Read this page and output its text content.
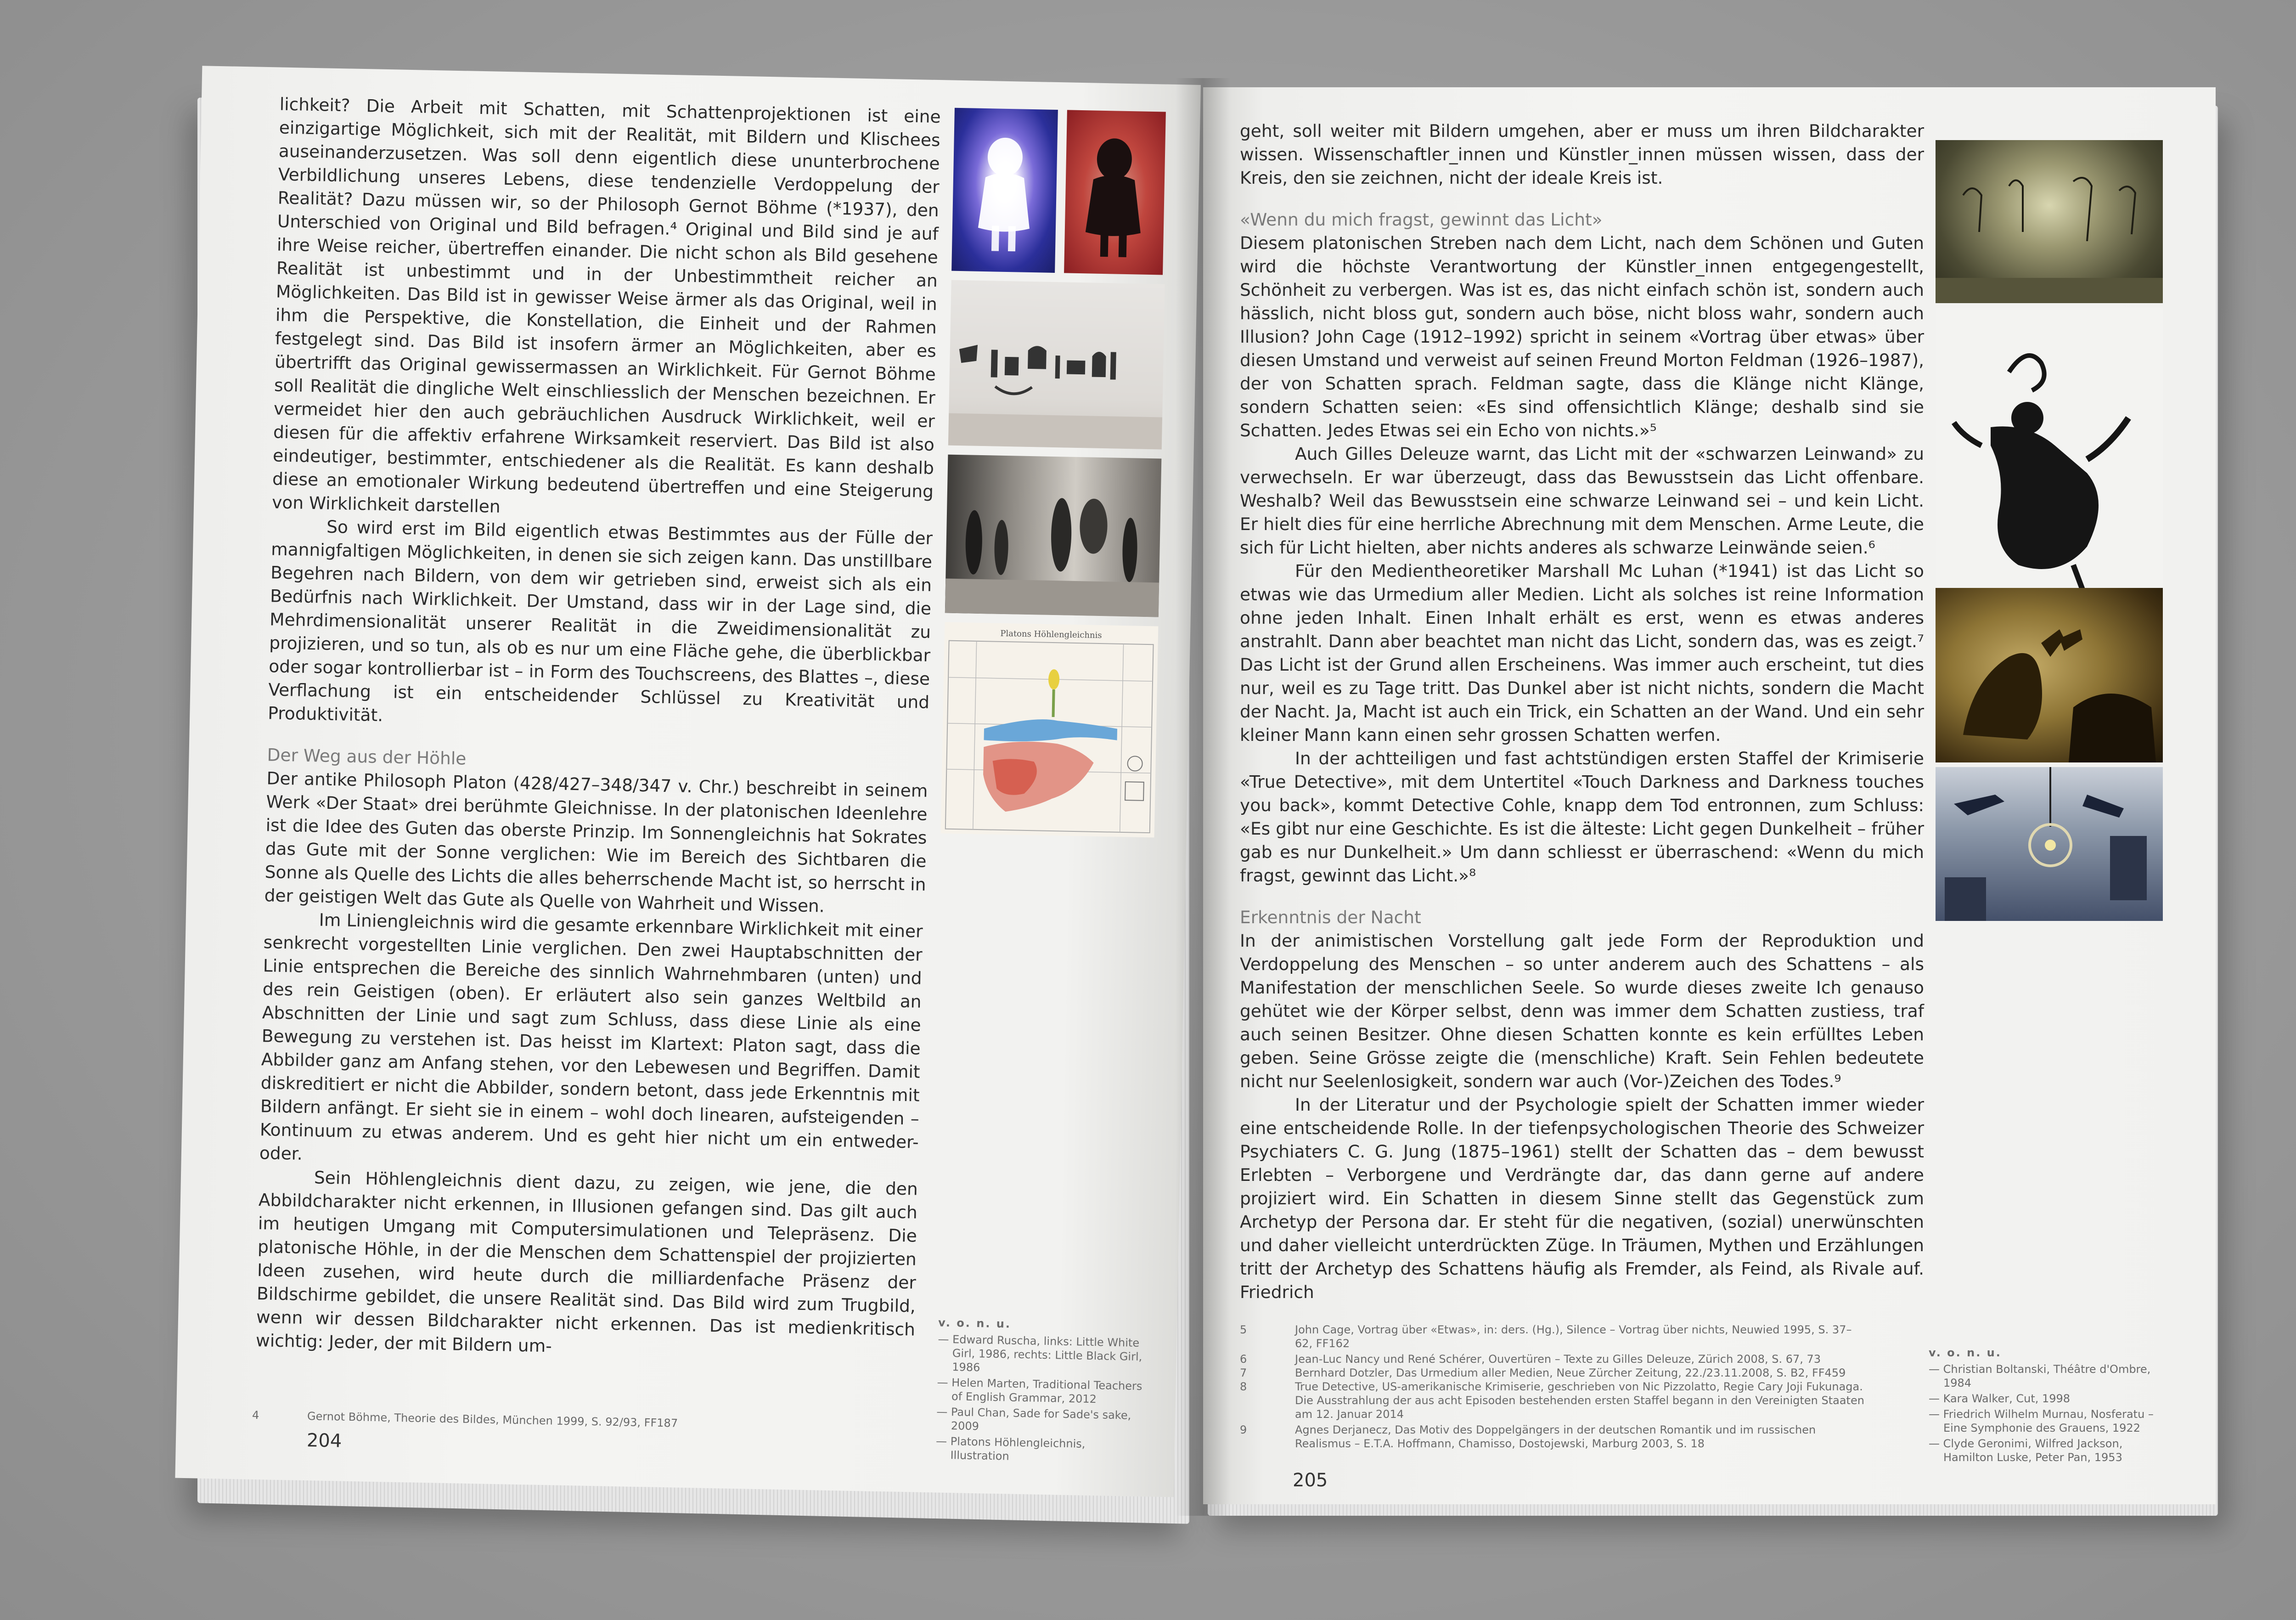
lichkeit? Die Arbeit mit Schatten, mit Schattenprojektionen ist eine einzigartige Möglichkeit, sich mit der Realität, mit Bildern und Klischees auseinanderzusetzen. Was soll denn eigentlich diese ununterbrochene Verbildlichung unseres Lebens, diese tendenzielle Verdoppelung der Realität? Dazu müssen wir, so der Philosoph Gernot Böhme (*1937), den Unterschied von Original und Bild befragen.⁴ Original und Bild sind je auf ihre Weise reicher, übertreffen einander. Die nicht schon als Bild gesehene Realität ist unbestimmt und in der Unbestimmtheit reicher an Möglichkeiten. Das Bild ist in gewisser Weise ärmer als das Original, weil in ihm die Perspektive, die Konstellation, die Einheit und der Rahmen festgelegt sind. Das Bild ist insofern ärmer an Möglichkeiten, aber es übertrifft das Original gewissermassen an Wirklichkeit. Für Gernot Böhme soll Realität die dingliche Welt einschliesslich der Menschen bezeichnen. Er vermeidet hier den auch gebräuchlichen Ausdruck Wirklichkeit, weil er diesen für die affektiv erfahrene Wirksamkeit reserviert. Das Bild ist also eindeutiger, bestimmter, entschiedener als die Realität. Es kann deshalb diese an emotionaler Wirkung bedeutend übertreffen und eine Steigerung von Wirklichkeit darstellen

So wird erst im Bild eigentlich etwas Bestimmtes aus der Fülle der mannigfaltigen Möglichkeiten, in denen sie sich zeigen kann. Das unstillbare Begehren nach Bildern, von dem wir getrieben sind, erweist sich als ein Bedürfnis nach Wirklichkeit. Der Umstand, dass wir in der Lage sind, die Mehrdimensionalität unserer Realität in die Zweidimensionalität zu projizieren, und so tun, als ob es nur um eine Fläche gehe, die überblickbar oder sogar kontrollierbar ist – in Form des Touchscreens, des Blattes –, diese Verflachung ist ein entscheidender Schlüssel zu Kreativität und Produktivität.

Der Weg aus der Höhle

Der antike Philosoph Platon (428/427–348/347 v. Chr.) beschreibt in seinem Werk «Der Staat» drei berühmte Gleichnisse. In der platonischen Ideenlehre ist die Idee des Guten das oberste Prinzip. Im Sonnengleichnis hat Sokrates das Gute mit der Sonne verglichen: Wie im Bereich des Sichtbaren die Sonne als Quelle des Lichts die alles beherrschende Macht ist, so herrscht in der geistigen Welt das Gute als Quelle von Wahrheit und Wissen.

Im Liniengleichnis wird die gesamte erkennbare Wirklichkeit mit einer senkrecht vorgestellten Linie verglichen. Den zwei Hauptabschnitten der Linie entsprechen die Bereiche des sinnlich Wahrnehmbaren (unten) und des rein Geistigen (oben). Er erläutert also sein ganzes Weltbild an Abschnitten der Linie und sagt zum Schluss, dass diese Linie als eine Bewegung zu verstehen ist. Das heisst im Klartext: Platon sagt, dass die Abbilder ganz am Anfang stehen, vor den Lebewesen und Begriffen. Damit diskreditiert er nicht die Abbilder, sondern betont, dass jede Erkenntnis mit Bildern anfängt. Er sieht sie in einem – wohl doch linearen, aufsteigenden – Kontinuum zu etwas anderem. Und es geht hier nicht um ein entweder-oder.

Sein Höhlengleichnis dient dazu, zu zeigen, wie jene, die den Abbildcharakter nicht erkennen, in Illusionen gefangen sind. Das gilt auch im heutigen Umgang mit Computersimulationen und Telepräsenz. Die platonische Höhle, in der die Menschen dem Schattenspiel der projizierten Ideen zusehen, wird heute durch die milliardenfache Präsenz der Bildschirme gebildet, die unsere Realität sind. Das Bild wird zum Trugbild, wenn wir dessen Bildcharakter nicht erkennen. Das ist medienkritisch wichtig: Jeder, der mit Bildern um-

Platons Höhlengleichnis
4	Gernot Böhme, Theorie des Bildes, München 1999, S. 92/93, FF187
204
v. o. n. u.
— Edward Ruscha, links: Little White Girl, 1986, rechts: Little Black Girl, 1986
— Helen Marten, Traditional Teachers of English Grammar, 2012
— Paul Chan, Sade for Sade's sake, 2009
— Platons Höhlengleichnis, Illustration

geht, soll weiter mit Bildern umgehen, aber er muss um ihren Bildcharakter wissen. Wissenschaftler_innen und Künstler_innen müssen wissen, dass der Kreis, den sie zeichnen, nicht der ideale Kreis ist.

«Wenn du mich fragst, gewinnt das Licht»

Diesem platonischen Streben nach dem Licht, nach dem Schönen und Guten wird die höchste Verantwortung der Künstler_innen entgegengestellt, Schönheit zu verbergen. Was ist es, das nicht einfach schön ist, sondern auch hässlich, nicht bloss gut, sondern auch böse, nicht bloss wahr, sondern auch Illusion? John Cage (1912–1992) spricht in seinem «Vortrag über etwas» über diesen Umstand und verweist auf seinen Freund Morton Feldman (1926–1987), der von Schatten sprach. Feldman sagte, dass die Klänge nicht Klänge, sondern Schatten seien: «Es sind offensichtlich Klänge; deshalb sind sie Schatten. Jedes Etwas sei ein Echo von nichts.»⁵

Auch Gilles Deleuze warnt, das Licht mit der «schwarzen Leinwand» zu verwechseln. Er war überzeugt, dass das Bewusstsein das Licht offenbare. Weshalb? Weil das Bewusstsein eine schwarze Leinwand sei – und kein Licht. Er hielt dies für eine herrliche Abrechnung mit dem Menschen. Arme Leute, die sich für Licht hielten, aber nichts anderes als schwarze Leinwände seien.⁶

Für den Medientheoretiker Marshall Mc Luhan (*1941) ist das Licht so etwas wie das Urmedium aller Medien. Licht als solches ist reine Information ohne jeden Inhalt. Einen Inhalt erhält es erst, wenn es etwas anderes anstrahlt. Dann aber beachtet man nicht das Licht, sondern das, was es zeigt.⁷ Das Licht ist der Grund allen Erscheinens. Was immer auch erscheint, tut dies nur, weil es zu Tage tritt. Das Dunkel aber ist nicht nichts, sondern die Macht der Nacht. Ja, Macht ist auch ein Trick, ein Schatten an der Wand. Und ein sehr kleiner Mann kann einen sehr grossen Schatten werfen.

In der achtteiligen und fast achtstündigen ersten Staffel der Krimiserie «True Detective», mit dem Untertitel «Touch Darkness and Darkness touches you back», kommt Detective Cohle, knapp dem Tod entronnen, zum Schluss: «Es gibt nur eine Geschichte. Es ist die älteste: Licht gegen Dunkelheit – früher gab es nur Dunkelheit.» Um dann schliesst er überraschend: «Wenn du mich fragst, gewinnt das Licht.»⁸

Erkenntnis der Nacht

In der animistischen Vorstellung galt jede Form der Reproduktion und Verdoppelung des Menschen – so unter anderem auch des Schattens – als Manifestation der menschlichen Seele. So wurde dieses zweite Ich genauso gehütet wie der Körper selbst, denn was immer dem Schatten zustiess, traf auch seinen Besitzer. Ohne diesen Schatten konnte es kein erfülltes Leben geben. Seine Grösse zeigte die (menschliche) Kraft. Sein Fehlen bedeutete nicht nur Seelenlosigkeit, sondern war auch (Vor-)Zeichen des Todes.⁹

In der Literatur und der Psychologie spielt der Schatten immer wieder eine entscheidende Rolle. In der tiefenpsychologischen Theorie des Schweizer Psychiaters C. G. Jung (1875–1961) stellt der Schatten das – dem bewusst Erlebten – Verborgene und Verdrängte dar, das dann gerne auf andere projiziert wird. Ein Schatten in diesem Sinne stellt das Gegenstück zum Archetyp der Persona dar. Er steht für die negativen, (sozial) unerwünschten und daher vielleicht unterdrückten Züge. In Träumen, Mythen und Erzählungen tritt der Archetyp des Schattens häufig als Fremder, als Feind, als Rivale auf. Friedrich

5	John Cage, Vortrag über «Etwas», in: ders. (Hg.), Silence – Vortrag über nichts, Neuwied 1995, S. 37–62, FF162
6	Jean-Luc Nancy und René Schérer, Ouvertüren – Texte zu Gilles Deleuze, Zürich 2008, S. 67, 73
7	Bernhard Dotzler, Das Urmedium aller Medien, Neue Zürcher Zeitung, 22./23.11.2008, S. B2, FF459
8	True Detective, US-amerikanische Krimiserie, geschrieben von Nic Pizzolatto, Regie Cary Joji Fukunaga. Die Ausstrahlung der aus acht Episoden bestehenden ersten Staffel begann in den Vereinigten Staaten am 12. Januar 2014
9	Agnes Derjanecz, Das Motiv des Doppelgängers in der deutschen Romantik und im russischen Realismus – E.T.A. Hoffmann, Chamisso, Dostojewski, Marburg 2003, S. 18
205
v. o. n. u.
— Christian Boltanski, Théâtre d'Ombre, 1984
— Kara Walker, Cut, 1998
— Friedrich Wilhelm Murnau, Nosferatu – Eine Symphonie des Grauens, 1922
— Clyde Geronimi, Wilfred Jackson, Hamilton Luske, Peter Pan, 1953
